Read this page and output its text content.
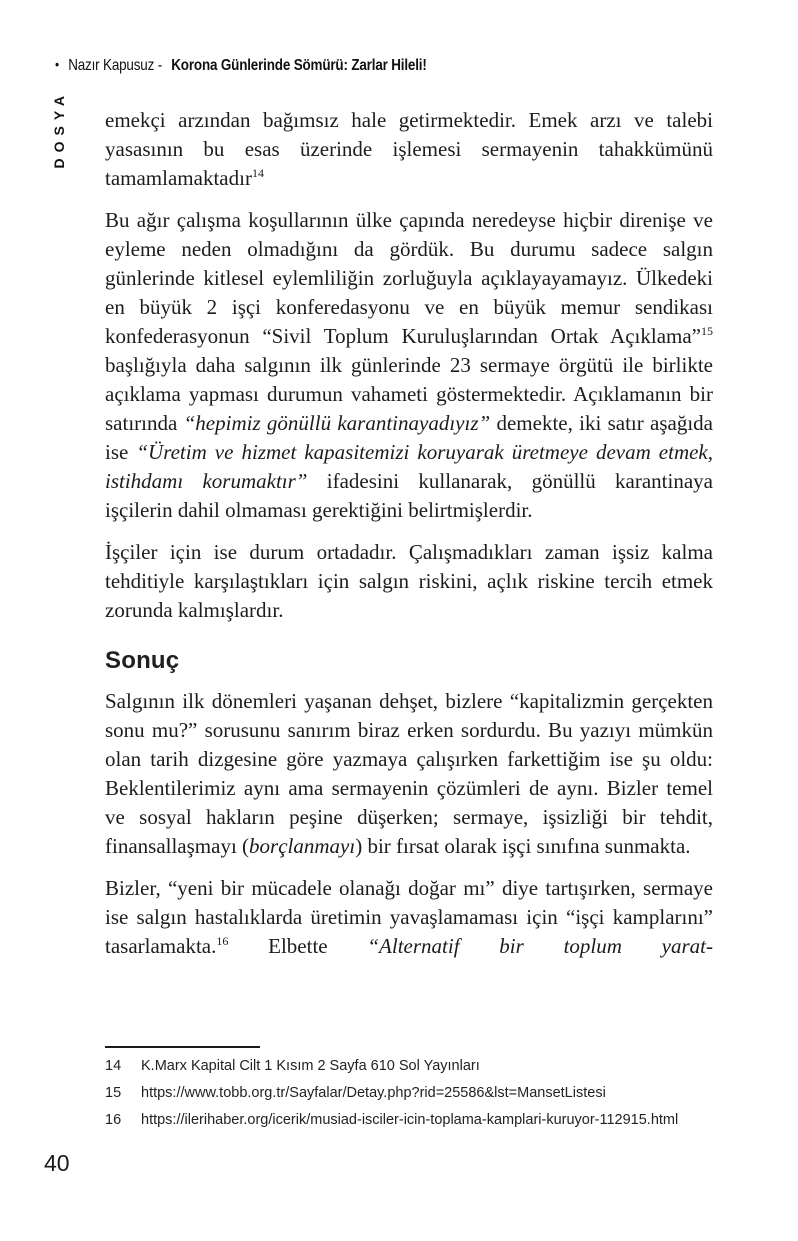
• Nazır Kapusuz - Korona Günlerinde Sömürü: Zarlar Hileli!
DOSYA emekçi arzından bağımsız hale getirmektedir. Emek arzı ve talebi yasasının bu esas üzerinde işlemesi sermayenin tahakkümünü tamamlamaktadır$^{14}$

Bu ağır çalışma koşullarının ülke çapında neredeyse hiçbir direnişe ve eyleme neden olmadığını da gördük. Bu durumu sadece salgın günlerinde kitlesel eylemliliğin zorluğuyla açıklayayamayız. Ülkedeki en büyük 2 işçi konferedasyonu ve en büyük memur sendikası konfederasyonun “Sivil Toplum Kuruluşlarından Ortak Açıklama”$^{15}$ başlığıyla daha salgının ilk günlerinde 23 sermaye örgütü ile birlikte açıklama yapması durumun vahameti göstermektedir. Açıklamanın bir satırında “hepimiz gönüllü karantinayadıyız” demekte, iki satır aşağıda ise “Üretim ve hizmet kapasitemizi koruyarak üretmeye devam etmek, istihdamı korumaktır” ifadesini kullanarak, gönüllü karantinaya işçilerin dahil olmaması gerektiğini belirtmişlerdir.

İşçiler için ise durum ortadadır. Çalışmadıkları zaman işsiz kalma tehditiyle karşılaştıkları için salgın riskini, açlık riskine tercih etmek zorunda kalmışlardır.

Sonuç

Salgının ilk dönemleri yaşanan dehşet, bizlere “kapitalizmin gerçekten sonu mu?” sorusunu sanırım biraz erken sordurdu. Bu yazıyı mümkün olan tarih dizgesine göre yazmaya çalışırken farkettiğim ise şu oldu: Beklentilerimiz aynı ama sermayenin çözümleri de aynı. Bizler temel ve sosyal hakların peşine düşerken; sermaye, işsizliği bir tehdit, finansallaşmayı (borçlanmayı) bir fırsat olarak işçi sınıfına sunmakta.

Bizler, “yeni bir mücadele olanağı doğar mı” diye tartışırken, sermaye ise salgın hastalıklarda üretimin yavaşlamaması için “işçi kamplarını” tasarlamakta.$^{16}$ Elbette “Alternatif bir toplum yarat-

14	K.Marx Kapital Cilt 1 Kısım 2 Sayfa 610 Sol Yayınları
15	https://www.tobb.org.tr/Sayfalar/Detay.php?rid=25586&lst=MansetListesi
16	https://ilerihaber.org/icerik/musiad-isciler-icin-toplama-kamplari-kuruyor-112915.html
40
